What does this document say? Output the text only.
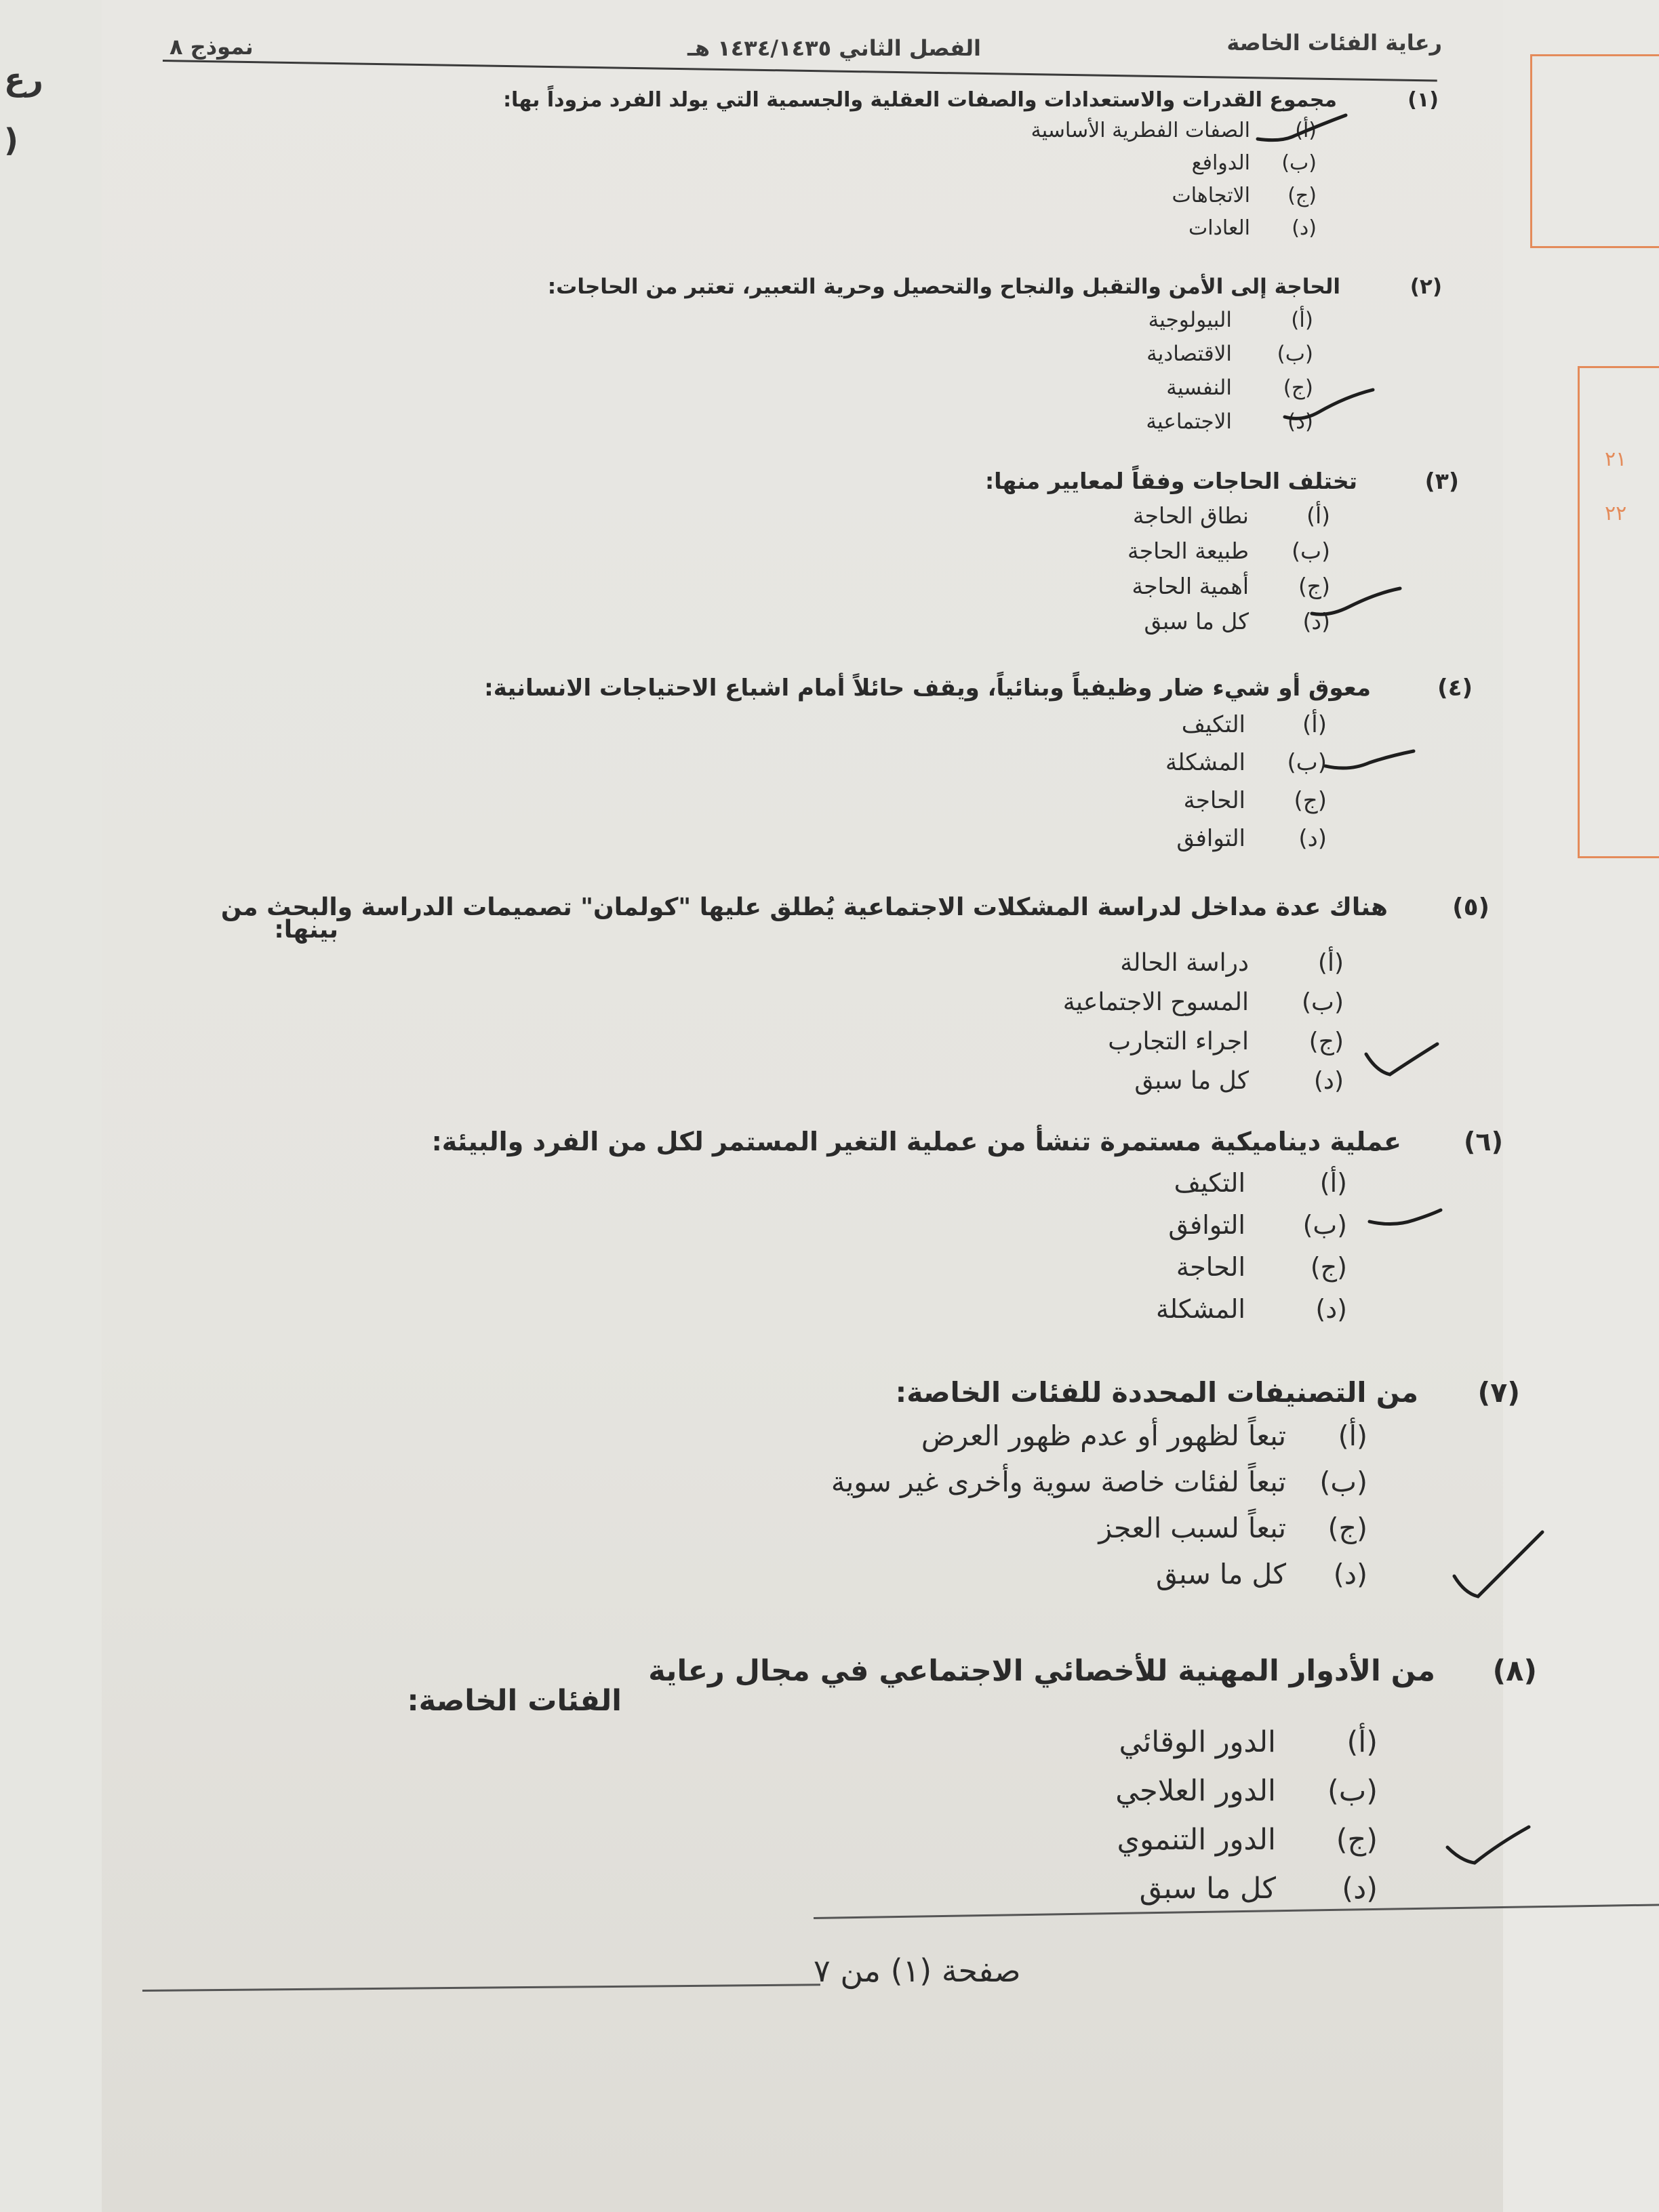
رع
)
٢١
٢٢
رعاية الفئات الخاصة
الفصل الثاني ١٤٣٤/١٤٣٥ هـ
نموذج ٨
(١)
مجموع القدرات والاستعدادات والصفات العقلية والجسمية التي يولد الفرد مزوداً بها:
(أ)
الصفات الفطرية الأساسية
(ب)
الدوافع
(ج)
الاتجاهات
(د)
العادات
(٢)
الحاجة إلى الأمن والتقبل والنجاح والتحصيل وحرية التعبير، تعتبر من الحاجات:
(أ)
البيولوجية
(ب)
الاقتصادية
(ج)
النفسية
(د)
الاجتماعية
(٣)
تختلف الحاجات وفقاً لمعايير منها:
(أ)
نطاق الحاجة
(ب)
طبيعة الحاجة
(ج)
أهمية الحاجة
(د)
كل ما سبق
(٤)
معوق أو شيء ضار وظيفياً وبنائياً، ويقف حائلاً أمام اشباع الاحتياجات الانسانية:
(أ)
التكيف
(ب)
المشكلة
(ج)
الحاجة
(د)
التوافق
(٥)
هناك عدة مداخل لدراسة المشكلات الاجتماعية يُطلق عليها "كولمان" تصميمات الدراسة والبحث من
بينها:
(أ)
دراسة الحالة
(ب)
المسوح الاجتماعية
(ج)
اجراء التجارب
(د)
كل ما سبق
(٦)
عملية ديناميكية مستمرة تنشأ من عملية التغير المستمر لكل من الفرد والبيئة:
(أ)
التكيف
(ب)
التوافق
(ج)
الحاجة
(د)
المشكلة
(٧)
من التصنيفات المحددة للفئات الخاصة:
(أ)
تبعاً لظهور أو عدم ظهور العرض
(ب)
تبعاً لفئات خاصة سوية وأخرى غير سوية
(ج)
تبعاً لسبب العجز
(د)
كل ما سبق
(٨)
من الأدوار المهنية للأخصائي الاجتماعي في مجال رعاية
الفئات الخاصة:
(أ)
الدور الوقائي
(ب)
الدور العلاجي
(ج)
الدور التنموي
(د)
كل ما سبق
صفحة (١) من ٧
